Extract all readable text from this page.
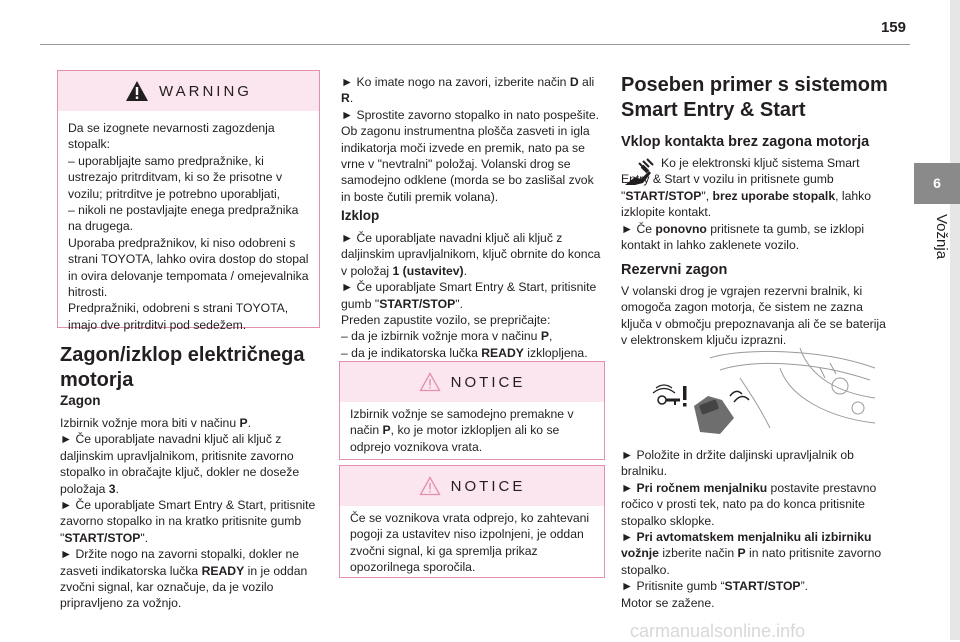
159
6
Vožnja
WARNING

Da se izognete nevarnosti zagozdenja stopalk:

– uporabljajte samo predpražnike, ki ustrezajo pritrditvam, ki so že prisotne v vozilu; pritrditve je potrebno uporabljati,

– nikoli ne postavljajte enega predpražnika na drugega.

Uporaba predpražnikov, ki niso odobreni s strani TOYOTA, lahko ovira dostop do stopal in ovira delovanje tempomata / omejevalnika hitrosti.

Predpražniki, odobreni s strani TOYOTA, imajo dve pritrditvi pod sedežem.

Zagon/izklop električnega motorja
Zagon

Izbirnik vožnje mora biti v načinu P.

► Če uporabljate navadni ključ ali ključ z daljinskim upravljalnikom, pritisnite zavorno stopalko in obračajte ključ, dokler ne doseže položaja 3.

► Če uporabljate Smart Entry & Start, pritisnite zavorno stopalko in na kratko pritisnite gumb "START/STOP".

► Držite nogo na zavorni stopalki, dokler ne zasveti indikatorska lučka READY in je oddan zvočni signal, kar označuje, da je vozilo pripravljeno za vožnjo.

► Ko imate nogo na zavori, izberite način D ali R.

► Sprostite zavorno stopalko in nato pospešite. Ob zagonu instrumentna plošča zasveti in igla indikatorja moči izvede en premik, nato pa se vrne v "nevtralni" položaj. Volanski drog se samodejno odklene (morda se bo zaslišal zvok in boste čutili premik volana).

Izklop

► Če uporabljate navadni ključ ali ključ z daljinskim upravljalnikom, ključ obrnite do konca v položaj 1 (ustavitev).

► Če uporabljate Smart Entry & Start, pritisnite gumb "START/STOP".

Preden zapustite vozilo, se prepričajte:

– da je izbirnik vožnje mora v načinu P,

– da je indikatorska lučka READY izklopljena.

NOTICE

Izbirnik vožnje se samodejno premakne v način P, ko je motor izklopljen ali ko se odprejo voznikova vrata.

NOTICE

Če se voznikova vrata odprejo, ko zahtevani pogoji za ustavitev niso izpolnjeni, je oddan zvočni signal, ki ga spremlja prikaz opozorilnega sporočila.

Poseben primer s sistemom Smart Entry & Start
Vklop kontakta brez zagona motorja

Ko je elektronski ključ sistema Smart Entry & Start v vozilu in pritisnete gumb "START/STOP", brez uporabe stopalk, lahko izklopite kontakt.

► Če ponovno pritisnete ta gumb, se izklopi kontakt in lahko zaklenete vozilo.

Rezervni zagon

V volanski drog je vgrajen rezervni bralnik, ki omogoča zagon motorja, če sistem ne zazna ključa v območju prepoznavanja ali če se baterija v elektronskem ključu izprazni.

► Položite in držite daljinski upravljalnik ob bralniku.

► Pri ročnem menjalniku postavite prestavno ročico v prosti tek, nato pa do konca pritisnite stopalko sklopke.

► Pri avtomatskem menjalniku ali izbirniku vožnje izberite način P in nato pritisnite zavorno stopalko.

► Pritisnite gumb “START/STOP”.

Motor se zažene.

carmanualsonline.info
